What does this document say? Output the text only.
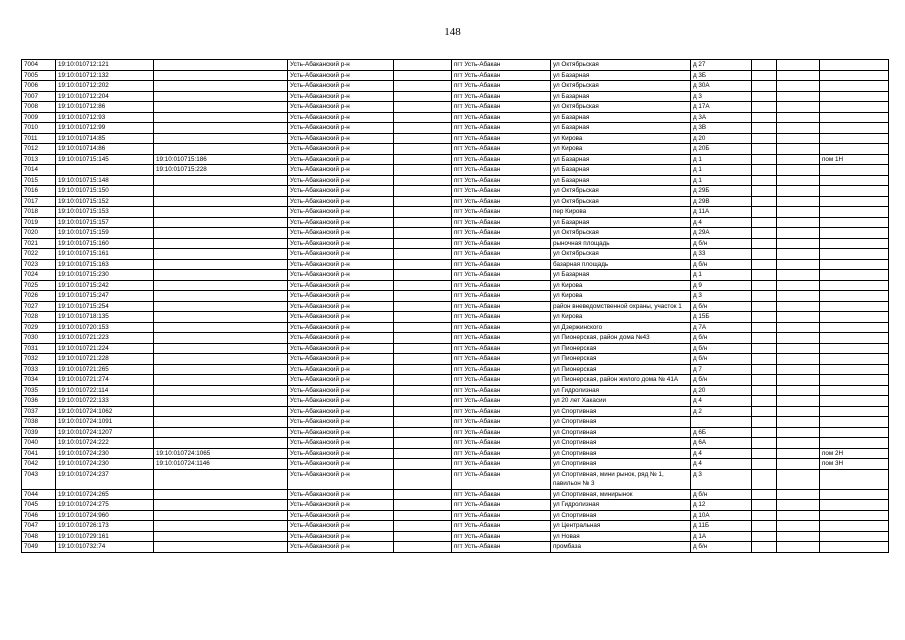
148
7004	19:10:010712:121		Усть-Абаканский р-н		пгт Усть-Абакан	ул Октябрьская	д 27			
7005	19:10:010712:132		Усть-Абаканский р-н		пгт Усть-Абакан	ул Базарная	д 3Б			
7006	19:10:010712:202		Усть-Абаканский р-н		пгт Усть-Абакан	ул Октябрьская	д 30А			
7007	19:10:010712:204		Усть-Абаканский р-н		пгт Усть-Абакан	ул Базарная	д 3			
7008	19:10:010712:86		Усть-Абаканский р-н		пгт Усть-Абакан	ул Октябрьская	д 17А			
7009	19:10:010712:93		Усть-Абаканский р-н		пгт Усть-Абакан	ул Базарная	д 3А			
7010	19:10:010712:99		Усть-Абаканский р-н		пгт Усть-Абакан	ул Базарная	д 3В			
7011	19:10:010714:85		Усть-Абаканский р-н		пгт Усть-Абакан	ул Кирова	д 20			
7012	19:10:010714:86		Усть-Абаканский р-н		пгт Усть-Абакан	ул Кирова	д 20Б			
7013	19:10:010715:145	19:10:010715:186	Усть-Абаканский р-н		пгт Усть-Абакан	ул Базарная	д 1			пом 1Н
7014		19:10:010715:228	Усть-Абаканский р-н		пгт Усть-Абакан	ул Базарная	д 1			
7015	19:10:010715:148		Усть-Абаканский р-н		пгт Усть-Абакан	ул Базарная	д 1			
7016	19:10:010715:150		Усть-Абаканский р-н		пгт Усть-Абакан	ул Октябрьская	д 29Б			
7017	19:10:010715:152		Усть-Абаканский р-н		пгт Усть-Абакан	ул Октябрьская	д 29В			
7018	19:10:010715:153		Усть-Абаканский р-н		пгт Усть-Абакан	пер Кирова	д 11А			
7019	19:10:010715:157		Усть-Абаканский р-н		пгт Усть-Абакан	ул Базарная	д 4			
7020	19:10:010715:159		Усть-Абаканский р-н		пгт Усть-Абакан	ул Октябрьская	д 29А			
7021	19:10:010715:160		Усть-Абаканский р-н		пгт Усть-Абакан	рыночная площадь	д б/н			
7022	19:10:010715:161		Усть-Абаканский р-н		пгт Усть-Абакан	ул Октябрьская	д 33			
7023	19:10:010715:163		Усть-Абаканский р-н		пгт Усть-Абакан	базарная площадь	д б/н			
7024	19:10:010715:230		Усть-Абаканский р-н		пгт Усть-Абакан	ул Базарная	д 1			
7025	19:10:010715:242		Усть-Абаканский р-н		пгт Усть-Абакан	ул Кирова	д 9			
7026	19:10:010715:247		Усть-Абаканский р-н		пгт Усть-Абакан	ул Кирова	д 3			
7027	19:10:010715:254		Усть-Абаканский р-н		пгт Усть-Абакан	район вневедомственной охраны, участок 1	д б/н			
7028	19:10:010718:135		Усть-Абаканский р-н		пгт Усть-Абакан	ул Кирова	д 15Б			
7029	19:10:010720:153		Усть-Абаканский р-н		пгт Усть-Абакан	ул Дзержинского	д 7А			
7030	19:10:010721:223		Усть-Абаканский р-н		пгт Усть-Абакан	ул Пионерская, район дома №43	д б/н			
7031	19:10:010721:224		Усть-Абаканский р-н		пгт Усть-Абакан	ул Пионерская	д б/н			
7032	19:10:010721:228		Усть-Абаканский р-н		пгт Усть-Абакан	ул Пионерская	д б/н			
7033	19:10:010721:265		Усть-Абаканский р-н		пгт Усть-Абакан	ул Пионерская	д 7			
7034	19:10:010721:274		Усть-Абаканский р-н		пгт Усть-Абакан	ул Пионерская, район жилого дома № 41А	д б/н			
7035	19:10:010722:114		Усть-Абаканский р-н		пгт Усть-Абакан	ул Гидролизная	д 20			
7036	19:10:010722:133		Усть-Абаканский р-н		пгт Усть-Абакан	ул 20 лет Хакасии	д 4			
7037	19:10:010724:1062		Усть-Абаканский р-н		пгт Усть-Абакан	ул Спортивная	д 2			
7038	19:10:010724:1091		Усть-Абаканский р-н		пгт Усть-Абакан	ул Спортивная				
7039	19:10:010724:1207		Усть-Абаканский р-н		пгт Усть-Абакан	ул Спортивная	д 6Б			
7040	19:10:010724:222		Усть-Абаканский р-н		пгт Усть-Абакан	ул Спортивная	д 6А			
7041	19:10:010724:230	19:10:010724:1065	Усть-Абаканский р-н		пгт Усть-Абакан	ул Спортивная	д 4			пом 2Н
7042	19:10:010724:230	19:10:010724:1146	Усть-Абаканский р-н		пгт Усть-Абакан	ул Спортивная	д 4			пом 3Н
7043	19:10:010724:237		Усть-Абаканский р-н		пгт Усть-Абакан	ул Спортивная, мини рынок, ряд № 1, павильон № 3	д 3			
7044	19:10:010724:265		Усть-Абаканский р-н		пгт Усть-Абакан	ул Спортивная, минирынок	д б/н			
7045	19:10:010724:275		Усть-Абаканский р-н		пгт Усть-Абакан	ул Гидролизная	д 12			
7046	19:10:010724:960		Усть-Абаканский р-н		пгт Усть-Абакан	ул Спортивная	д 10А			
7047	19:10:010726:173		Усть-Абаканский р-н		пгт Усть-Абакан	ул Центральная	д 11Б			
7048	19:10:010729:161		Усть-Абаканский р-н		пгт Усть-Абакан	ул Новая	д 1А			
7049	19:10:010732:74		Усть-Абаканский р-н		пгт Усть-Абакан	промбаза	д б/н			
